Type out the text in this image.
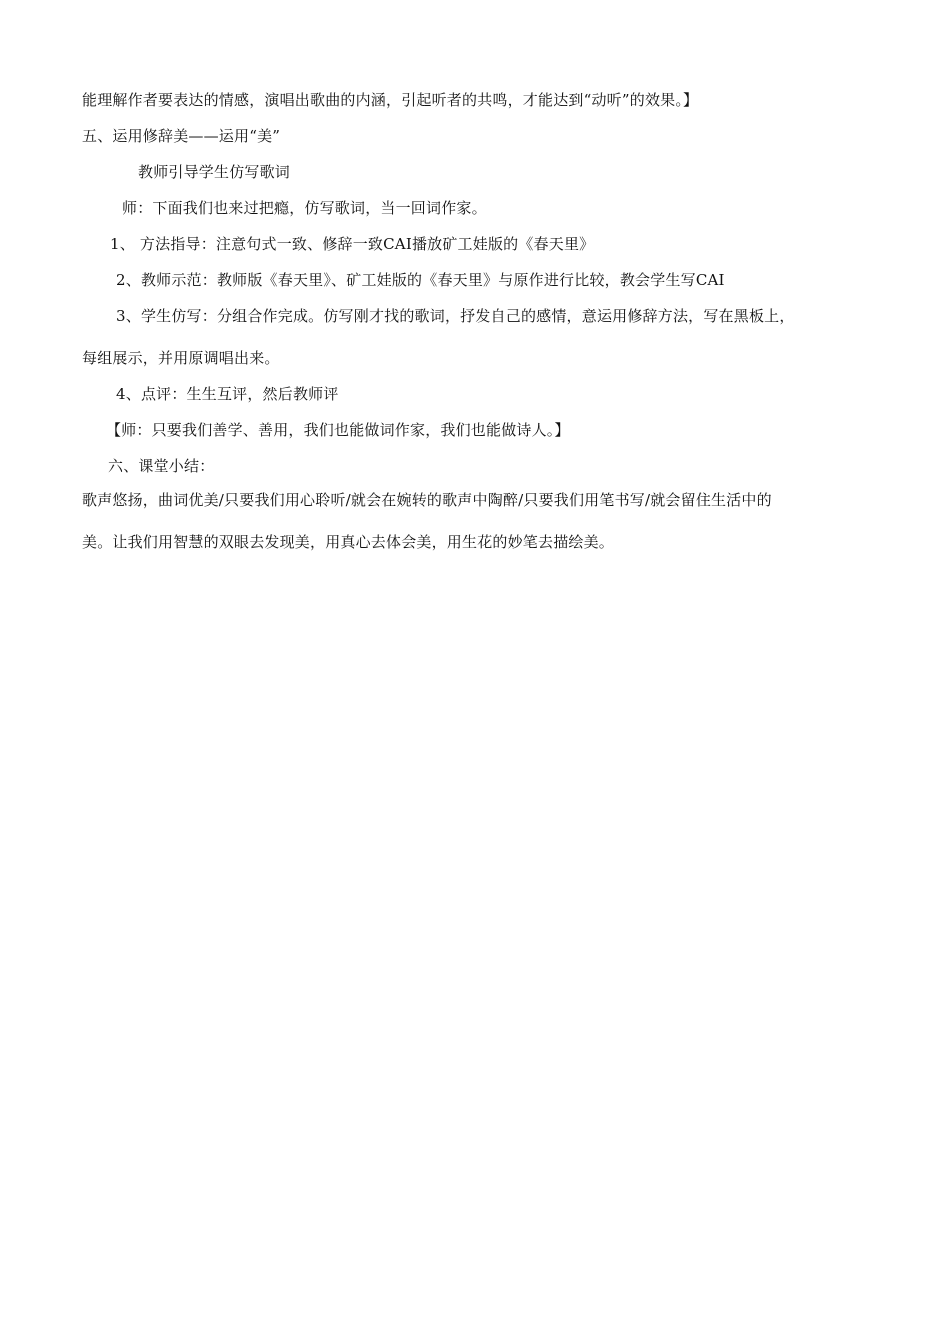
能理解作者要表达的情感，演唱出歌曲的内涵，引起听者的共鸣，才能达到“动听”的效果。】
五、运用修辞美——运用“美”
教师引导学生仿写歌词
师：下面我们也来过把瘾，仿写歌词，当一回词作家。
1、 方法指导：注意句式一致、修辞一致CAI播放矿工娃版的《春天里》
2、教师示范：教师版《春天里》、矿工娃版的《春天里》与原作进行比较，教会学生写CAI
3、学生仿写：分组合作完成。仿写刚才找的歌词，抒发自己的感情，意运用修辞方法，写在黑板上，
每组展示，并用原调唱出来。
4、点评：生生互评，然后教师评
【师：只要我们善学、善用，我们也能做词作家，我们也能做诗人。】
六、课堂小结：
歌声悠扬，曲词优美/只要我们用心聆听/就会在婉转的歌声中陶醉/只要我们用笔书写/就会留住生活中的
美。让我们用智慧的双眼去发现美，用真心去体会美，用生花的妙笔去描绘美。
